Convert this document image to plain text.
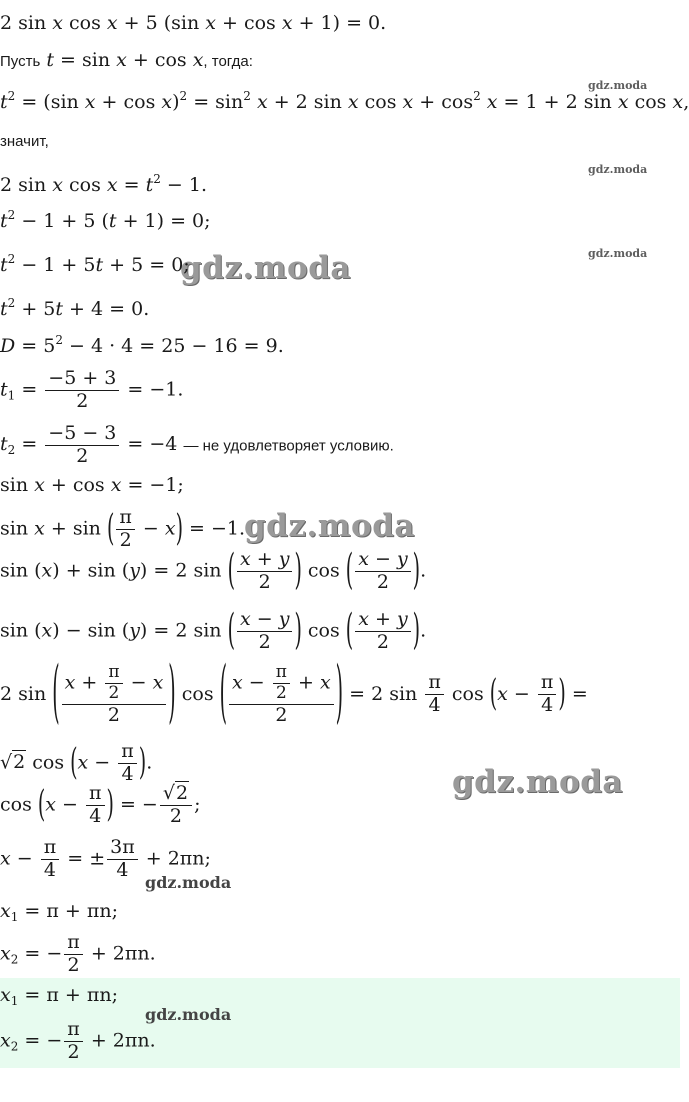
gdz.moda
gdz.moda
gdz.moda
gdz.moda
gdz.moda
gdz.moda
2 sin x cos x + 5 (sin x + cos x + 1) = 0.
Пусть t = sin x + cos x, тогда:
$t^2 = (\sin$ $x + \cos x)^2 = \sin^2 x + 2$ sin x $\cos x + \cos^2 x = 1 + 2$ sin x cos x,
значит,
2 sin x $\cos x = t^2 - 1$.
$t^2 - 1 + 5$ (t + 1) = 0;
$t^2 - 1 + 5t + 5 = 0$;
$t^2 + 5t + 4 = 0$.
$D = 5^2 - 4 \cdot 4 = 25 - 16 = 9$.
$t_1 = \frac{-5 + 3}{2} = -1$.
$t_2 = \frac{-5 - 3}{2} = -4$ — не удовлетворяет условию.
sin x + cos x = −1;
sin x + sin ( $\frac{\pi}{2} - x) = -1$.
sin (x) + sin (y) = 2 sin ( $\frac{x + y}{2}$ ) cos ( $\frac{x - y}{2}$ ).
sin (x) − sin (y) = 2 sin ( $\frac{x - y}{2}$ ) cos ( $\frac{x + y}{2}$ ).
2 sin ( $\frac{x + \frac{\pi}{2} - x}{2}$ ) cos ( $\frac{x - \frac{\pi}{2} + x}{2}$ ) = 2 $\sin \frac{\pi}{4}$ $\cos (x - \frac{\pi}{4}$ ) =
√2 $\cos (x - \frac{\pi}{4}$ ).
$\cos (x - \frac{\pi}{4}$ ) = − $\frac{√2}{2}$ ;
$x - \frac{\pi}{4}$ = ± $\frac{3\pi}{4} + 2\pi n$;
gdz.moda
$x_1 = \pi + \pi n$;
$x_2$ = − $\frac{\pi}{2} + 2\pi n$.
$x_1 = \pi + \pi n$;
gdz.moda
$x_2$ = − $\frac{\pi}{2} + 2\pi n$.
